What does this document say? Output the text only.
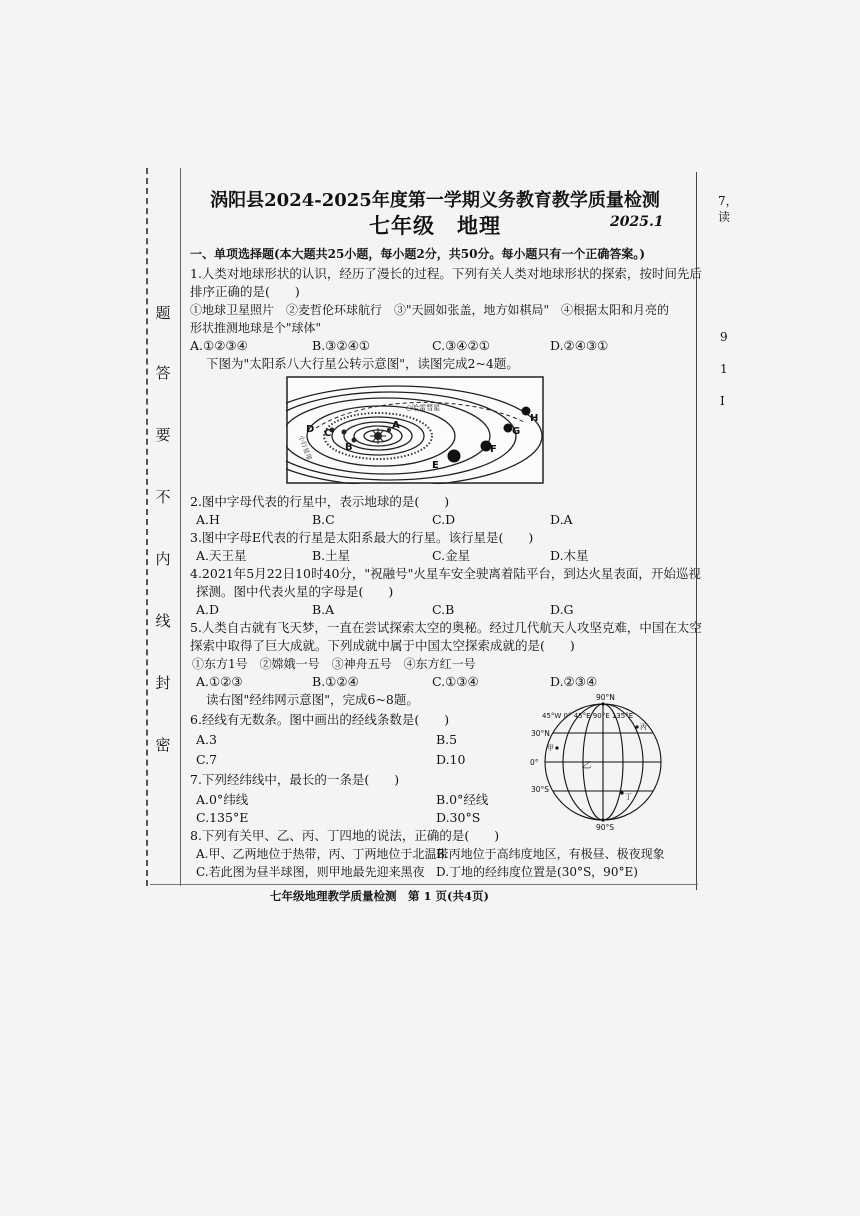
题
答
要
不
内
线
封
密
7，
读
9
1
I
涡阳县2024-2025年度第一学期义务教育教学质量检测
七年级　地理	2025.1
一、单项选择题(本大题共25小题，每小题2分，共50分。每小题只有一个正确答案。)
1.人类对地球形状的认识，经历了漫长的过程。下列有关人类对地球形状的探索，按时间先后
排序正确的是(　　)
①地球卫星照片　②麦哲伦环球航行　③"天圆如张盖，地方如棋局"　④根据太阳和月亮的
形状推测地球是个"球体"
A.①②③④	B.③②④①	C.③④②①	D.②④③①
下图为"太阳系八大行星公转示意图"，读图完成2~4题。
H
G
F
E
D C
B
A
○哈雷彗星
小行星带
2.图中字母代表的行星中，表示地球的是(　　)
A.H	B.C	C.D	D.A
3.图中字母E代表的行星是太阳系最大的行星。该行星是(　　)
A.天王星	B.土星	C.金星	D.木星
4.2021年5月22日10时40分，"祝融号"火星车安全驶离着陆平台，到达火星表面，开始巡视
探测。图中代表火星的字母是(　　)
A.D	B.A	C.B	D.G
5.人类自古就有飞天梦，一直在尝试探索太空的奥秘。经过几代航天人攻坚克难，中国在太空
探索中取得了巨大成就。下列成就中属于中国太空探索成就的是(　　)
①东方1号　②嫦娥一号　③神舟五号　④东方红一号
A.①②③	B.①②④	C.①③④	D.②③④
读右图"经纬网示意图"，完成6~8题。
6.经线有无数条。图中画出的经线条数是(　　)
A.3	B.5
C.7	D.10
7.下列经纬线中，最长的一条是(　　)
A.0°纬线	B.0°经线
C.135°E	D.30°S
8.下列有关甲、乙、丙、丁四地的说法，正确的是(　　)
A.甲、乙两地位于热带，丙、丁两地位于北温带
B.丙地位于高纬度地区，有极昼、极夜现象
C.若此图为昼半球图，则甲地最先迎来黑夜 D.丁地的经纬度位置是(30°S，90°E)
90°N
90°S
45°W 0° 45°E 90°E 135°E
30°N
0°
30°S
甲
乙
丙
丁
七年级地理教学质量检测　第 1 页(共4页)
